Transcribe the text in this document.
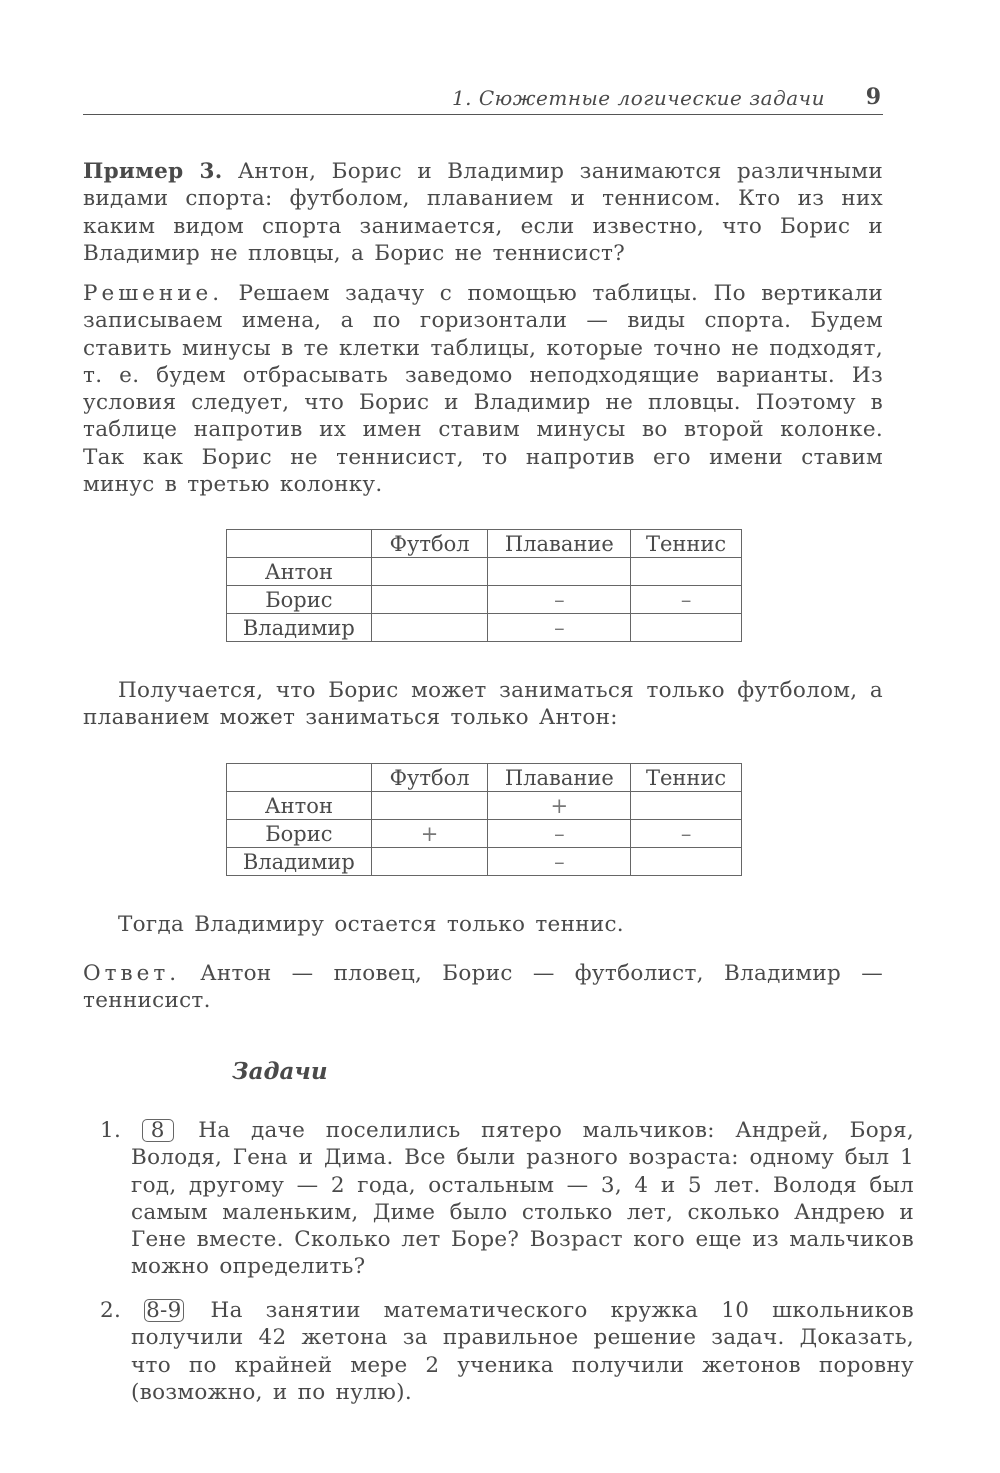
1. Сюжетные логические задачи 9
Пример 3. Антон, Борис и Владимир занимаются различными видами спорта: футболом, плаванием и теннисом. Кто из них каким видом спорта занимается, если известно, что Борис и Владимир не пловцы, а Борис не теннисист?
Решение. Решаем задачу с помощью таблицы. По вертикали записываем имена, а по горизонтали — виды спорта. Будем ставить минусы в те клетки таблицы, которые точно не подходят, т. е. будем отбрасывать заведомо неподходящие варианты. Из условия следует, что Борис и Владимир не пловцы. Поэтому в таблице напротив их имен ставим минусы во второй колонке. Так как Борис не теннисист, то напротив его имени ставим минус в третью колонку.
	Футбол	Плавание	Теннис
Антон			
Борис		–	–
Владимир		–	
Получается, что Борис может заниматься только футболом, а плаванием может заниматься только Антон:
	Футбол	Плавание	Теннис
Антон		+	
Борис	+	–	–
Владимир		–	
Тогда Владимиру остается только теннис.
Ответ. Антон — пловец, Борис — футболист, Владимир — теннисист.
Задачи
1. 8 На даче поселились пятеро мальчиков: Андрей, Боря, Володя, Гена и Дима. Все были разного возраста: одному был 1 год, другому — 2 года, остальным — 3, 4 и 5 лет. Володя был самым маленьким, Диме было столько лет, сколько Андрею и Гене вместе. Сколько лет Боре? Возраст кого еще из мальчиков можно определить?
2. 8-9 На занятии математического кружка 10 школьников получили 42 жетона за правильное решение задач. Доказать, что по крайней мере 2 ученика получили жетонов поровну (возможно, и по нулю).
